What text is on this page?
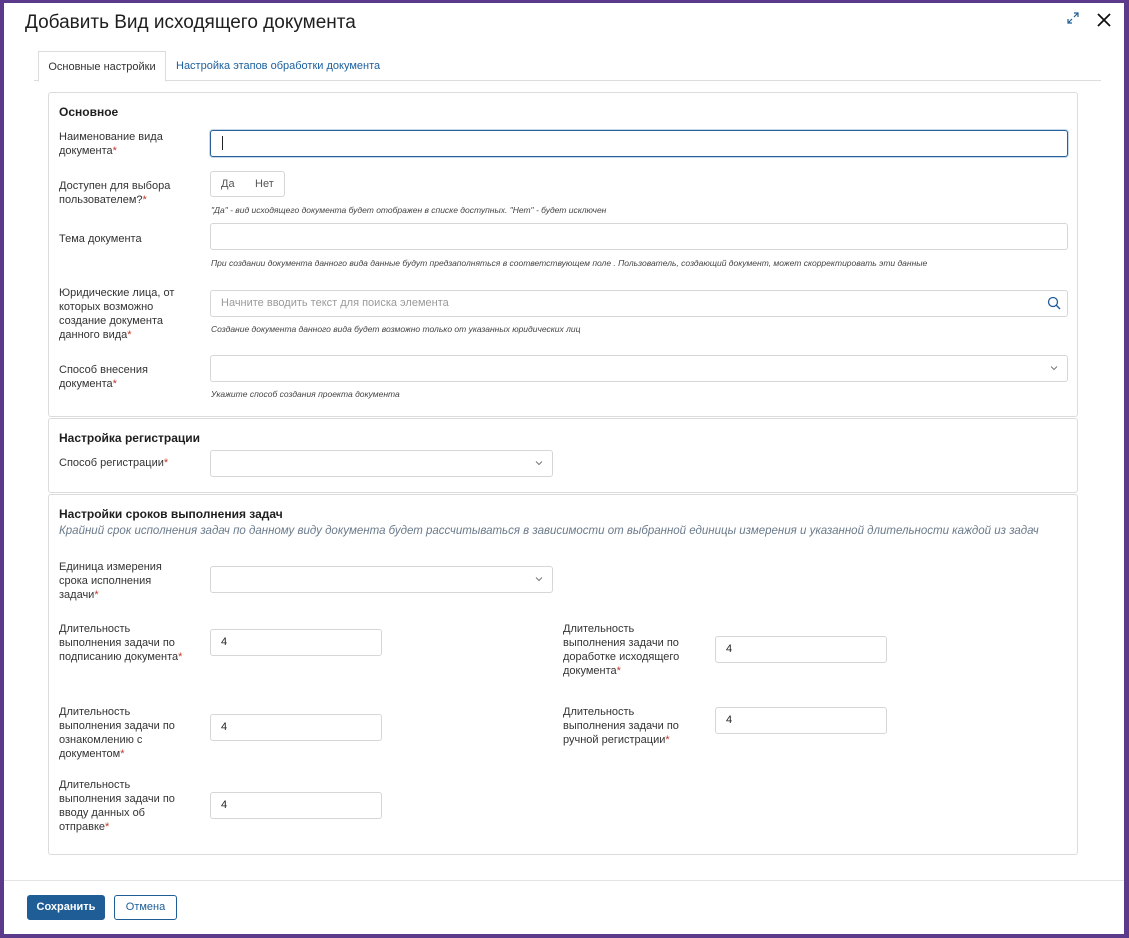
Добавить Вид исходящего документа
Основные настройки	Настройка этапов обработки документа
Основное
Наименование вида документа*
Доступен для выбора пользователем?*
Да Нет
"Да" - вид исходящего документа будет отображен в списке доступных. "Нет" - будет исключен
Тема документа
При создании документа данного вида данные будут предзаполняться в соответствующем поле . Пользователь, создающий документ, может скорректировать эти данные
Юридические лица, от которых возможно создание документа данного вида*
Начните вводить текст для поиска элемента
Создание документа данного вида будет возможно только от указанных юридических лиц
Способ внесения документа*
Укажите способ создания проекта документа
Настройка регистрации
Способ регистрации*
Настройки сроков выполнения задач
Крайний срок исполнения задач по данному виду документа будет рассчитываться в зависимости от выбранной единицы измерения и указанной длительности каждой из задач
Единица измерения срока исполнения задачи*
Длительность выполнения задачи по подписанию документа*
4
Длительность выполнения задачи по доработке исходящего документа*
4
Длительность выполнения задачи по ознакомлению с документом*
4
Длительность выполнения задачи по ручной регистрации*
4
Длительность выполнения задачи по вводу данных об отправке*
4
Сохранить	Отмена
